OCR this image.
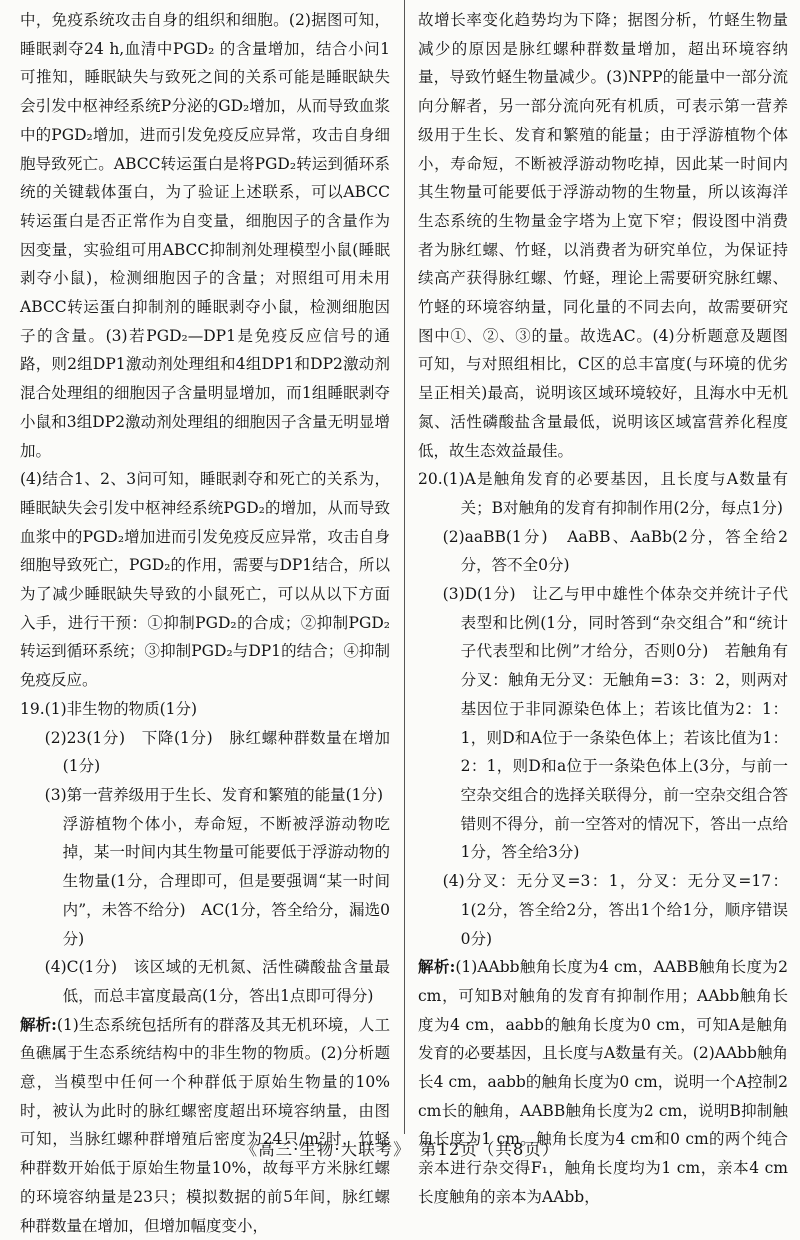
中，免疫系统攻击自身的组织和细胞。(2)据图可知，睡眠剥夺24 h,血清中PGD₂ 的含量增加，结合小问1可推知，睡眠缺失与致死之间的关系可能是睡眠缺失会引发中枢神经系统P分泌的GD₂增加，从而导致血浆中的PGD₂增加，进而引发免疫反应异常，攻击自身细胞导致死亡。ABCC转运蛋白是将PGD₂转运到循环系统的关键载体蛋白，为了验证上述联系，可以ABCC转运蛋白是否正常作为自变量，细胞因子的含量作为因变量，实验组可用ABCC抑制剂处理模型小鼠(睡眠剥夺小鼠)，检测细胞因子的含量；对照组可用未用ABCC转运蛋白抑制剂的睡眠剥夺小鼠，检测细胞因子的含量。(3)若PGD₂—DP1是免疫反应信号的通路，则2组DP1激动剂处理组和4组DP1和DP2激动剂混合处理组的细胞因子含量明显增加，而1组睡眠剥夺小鼠和3组DP2激动剂处理组的细胞因子含量无明显增加。

(4)结合1、2、3问可知，睡眠剥夺和死亡的关系为，睡眠缺失会引发中枢神经系统PGD₂的增加，从而导致血浆中的PGD₂增加进而引发免疫反应异常，攻击自身细胞导致死亡，PGD₂的作用，需要与DP1结合，所以为了减少睡眠缺失导致的小鼠死亡，可以从以下方面入手，进行干预：①抑制PGD₂的合成；②抑制PGD₂转运到循环系统；③抑制PGD₂与DP1的结合；④抑制免疫反应。

19. (1)非生物的物质(1分)

(2)23(1分)　下降(1分)　脉红螺种群数量在增加(1分)

(3)第一营养级用于生长、发育和繁殖的能量(1分)

浮游植物个体小，寿命短，不断被浮游动物吃掉，某一时间内其生物量可能要低于浮游动物的生物量(1分，合理即可，但是要强调“某一时间内”，未答不给分)　AC(1分，答全给分，漏选0分)

(4)C(1分)　该区域的无机氮、活性磷酸盐含量最低，而总丰富度最高(1分，答出1点即可得分)

解析:(1)生态系统包括所有的群落及其无机环境，人工鱼礁属于生态系统结构中的非生物的物质。(2)分析题意，当模型中任何一个种群低于原始生物量的10%时，被认为此时的脉红螺密度超出环境容纳量，由图可知，当脉红螺种群增殖后密度为24只/m²时，竹蛏种群数开始低于原始生物量10%，故每平方米脉红螺的环境容纳量是23只；模拟数据的前5年间，脉红螺种群数量在增加，但增加幅度变小，

故增长率变化趋势均为下降；据图分析，竹蛏生物量减少的原因是脉红螺种群数量增加，超出环境容纳量，导致竹蛏生物量减少。(3)NPP的能量中一部分流向分解者，另一部分流向死有机质，可表示第一营养级用于生长、发育和繁殖的能量；由于浮游植物个体小，寿命短，不断被浮游动物吃掉，因此某一时间内其生物量可能要低于浮游动物的生物量，所以该海洋生态系统的生物量金字塔为上宽下窄；假设图中消费者为脉红螺、竹蛏，以消费者为研究单位，为保证持续高产获得脉红螺、竹蛏，理论上需要研究脉红螺、竹蛏的环境容纳量，同化量的不同去向，故需要研究图中①、②、③的量。故选AC。(4)分析题意及题图可知，与对照组相比，C区的总丰富度(与环境的优劣呈正相关)最高，说明该区域环境较好，且海水中无机氮、活性磷酸盐含量最低，说明该区域富营养化程度低，故生态效益最佳。

20. (1)A是触角发育的必要基因，且长度与A数量有关；B对触角的发育有抑制作用(2分，每点1分)

(2)aaBB(1分)　AaBB、AaBb(2分，答全给2分，答不全0分)

(3)D(1分)　让乙与甲中雄性个体杂交并统计子代表型和比例(1分，同时答到“杂交组合”和“统计子代表型和比例”才给分，否则0分)　若触角有分叉：触角无分叉：无触角=3：3：2，则两对基因位于非同源染色体上；若该比值为2：1：1，则D和A位于一条染色体上；若该比值为1：2：1，则D和a位于一条染色体上(3分，与前一空杂交组合的选择关联得分，前一空杂交组合答错则不得分，前一空答对的情况下，答出一点给1分，答全给3分)

(4)分叉：无分叉=3：1，分叉：无分叉=17：1(2分，答全给2分，答出1个给1分，顺序错误0分)

解析:(1)AAbb触角长度为4 cm，AABB触角长度为2 cm，可知B对触角的发育有抑制作用；AAbb触角长度为4 cm，aabb的触角长度为0 cm，可知A是触角发育的必要基因，且长度与A数量有关。(2)AAbb触角长4 cm，aabb的触角长度为0 cm，说明一个A控制2 cm长的触角，AABB触角长度为2 cm，说明B抑制触角长度为1 cm。触角长度为4 cm和0 cm的两个纯合亲本进行杂交得F₁，触角长度均为1 cm，亲本4 cm长度触角的亲本为AAbb，

《高三·生物·大联考》　第12页（共8页）
